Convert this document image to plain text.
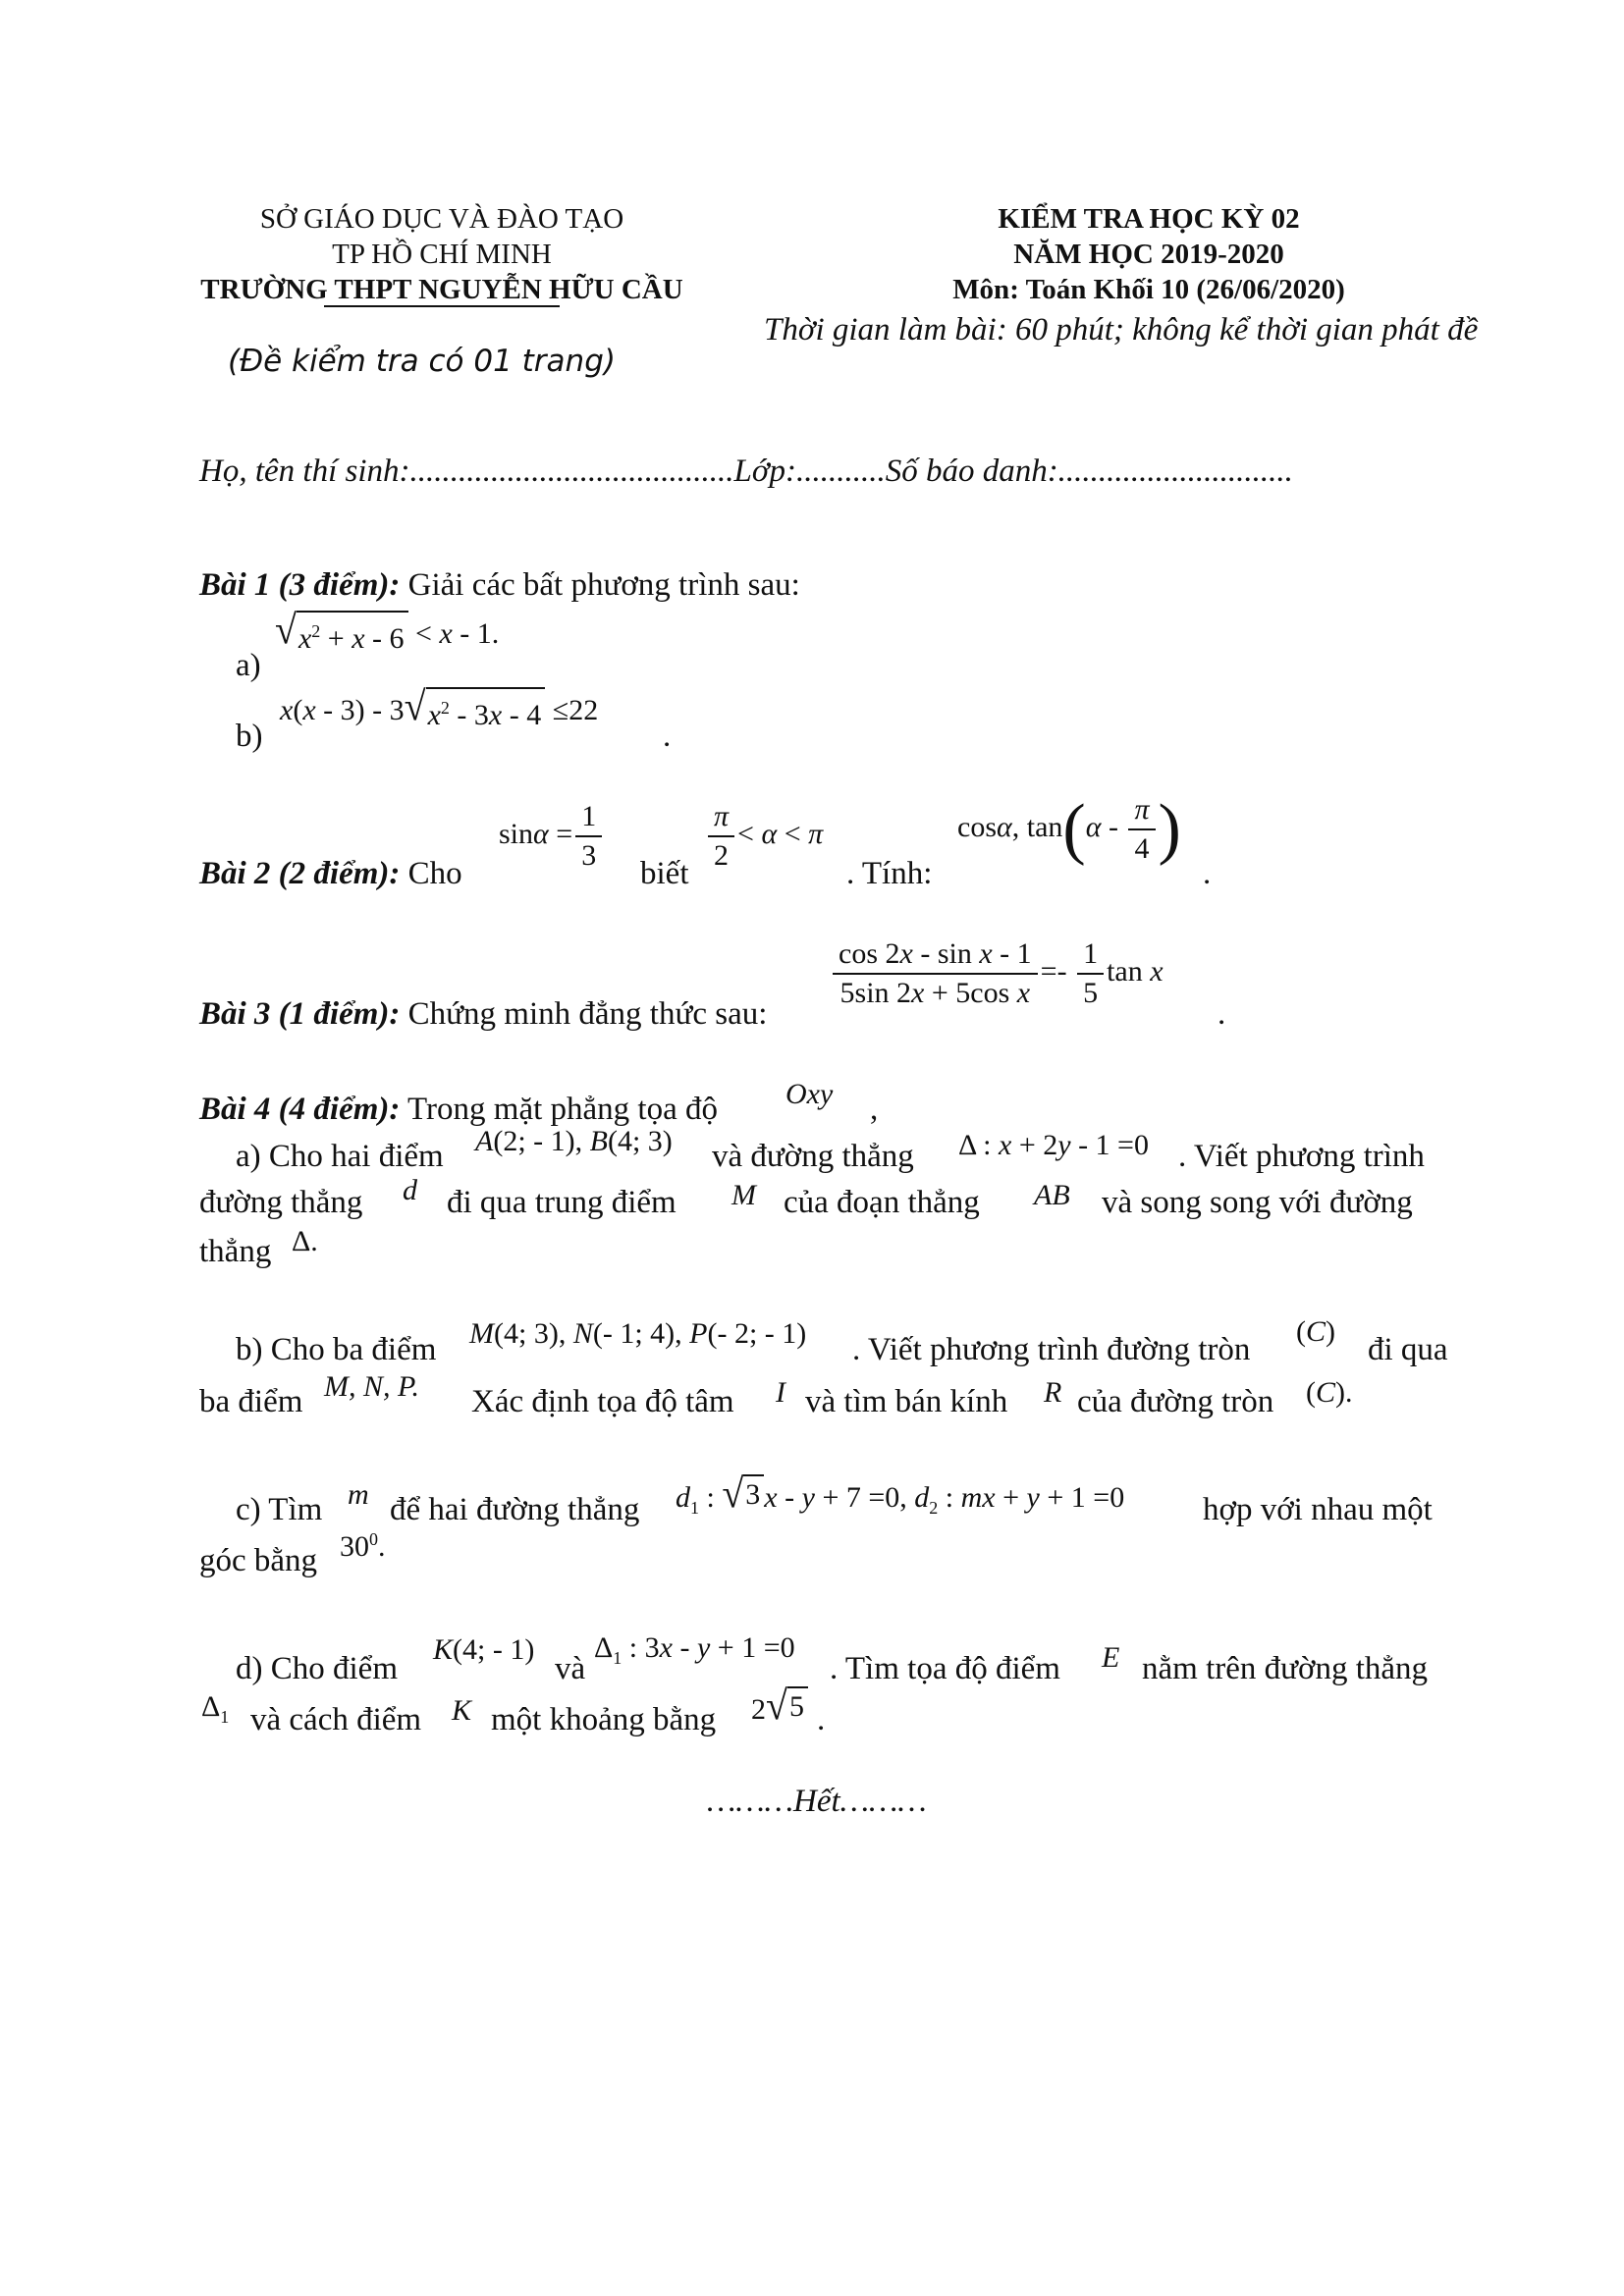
SỞ GIÁO DỤC VÀ ĐÀO TẠO
TP HỒ CHÍ MINH
TRƯỜNG THPT NGUYỄN HỮU CẦU
(Đề kiểm tra có 01 trang)
KIỂM TRA HỌC KỲ 02
NĂM HỌC 2019-2020
Môn: Toán Khối 10 (26/06/2020)
Thời gian làm bài: 60 phút; không kể thời gian phát đề
Họ, tên thí sinh:........................................Lớp:...........Số báo danh:.............................
Bài 1 (3 điểm): Giải các bất phương trình sau:
a)
√ $x^2 + x - 6 < x - 1$.
b)
x(x - 3) - 3 √ $x^2 - 3x - 4 \le 22$
.
Bài 2 (2 điểm): Cho
$\sin\alpha = \frac{1}{3}$
biết
$\frac{\pi}{2} < \alpha < \pi$
. Tính:
cosα, $\tan(\alpha - \frac{\pi}{4}$ )
.
Bài 3 (1 điểm): Chứng minh đẳng thức sau:
$\frac{\text{cos 2x - sin x - 1}}{\text{5sin 2x + 5cos x}} =- \frac{1}{5}$ tan x
.
Bài 4 (4 điểm): Trong mặt phẳng tọa độ Oxy ,
a) Cho hai điểm A(2; - 1), B(4; 3) và đường thẳng Δ : x + 2y - 1 =0 . Viết phương trình
đường thẳng d đi qua trung điểm M của đoạn thẳng AB và song song với đường
thẳng Δ.
b) Cho ba điểm M(4; 3), N(- 1; 4), P(- 2; - 1) . Viết phương trình đường tròn
(C)
đi qua
ba điểm M, N, P. Xác định tọa độ tâm I và tìm bán kính R của đường tròn (C).
c) Tìm m để hai đường thẳng $d_1$ : √ 3 x - y + 7 =0, $d_2$ : mx + y + 1 =0 hợp với nhau một
góc bằng $30^0$.
d) Cho điểm
K(4; - 1)
và
$\Delta_1$ : 3x - y + 1 =0
. Tìm tọa độ điểm E nằm trên đường thẳng
$\Delta_1$ và cách điểm K một khoảng bằng 2 √ 5 .
………Hết………
